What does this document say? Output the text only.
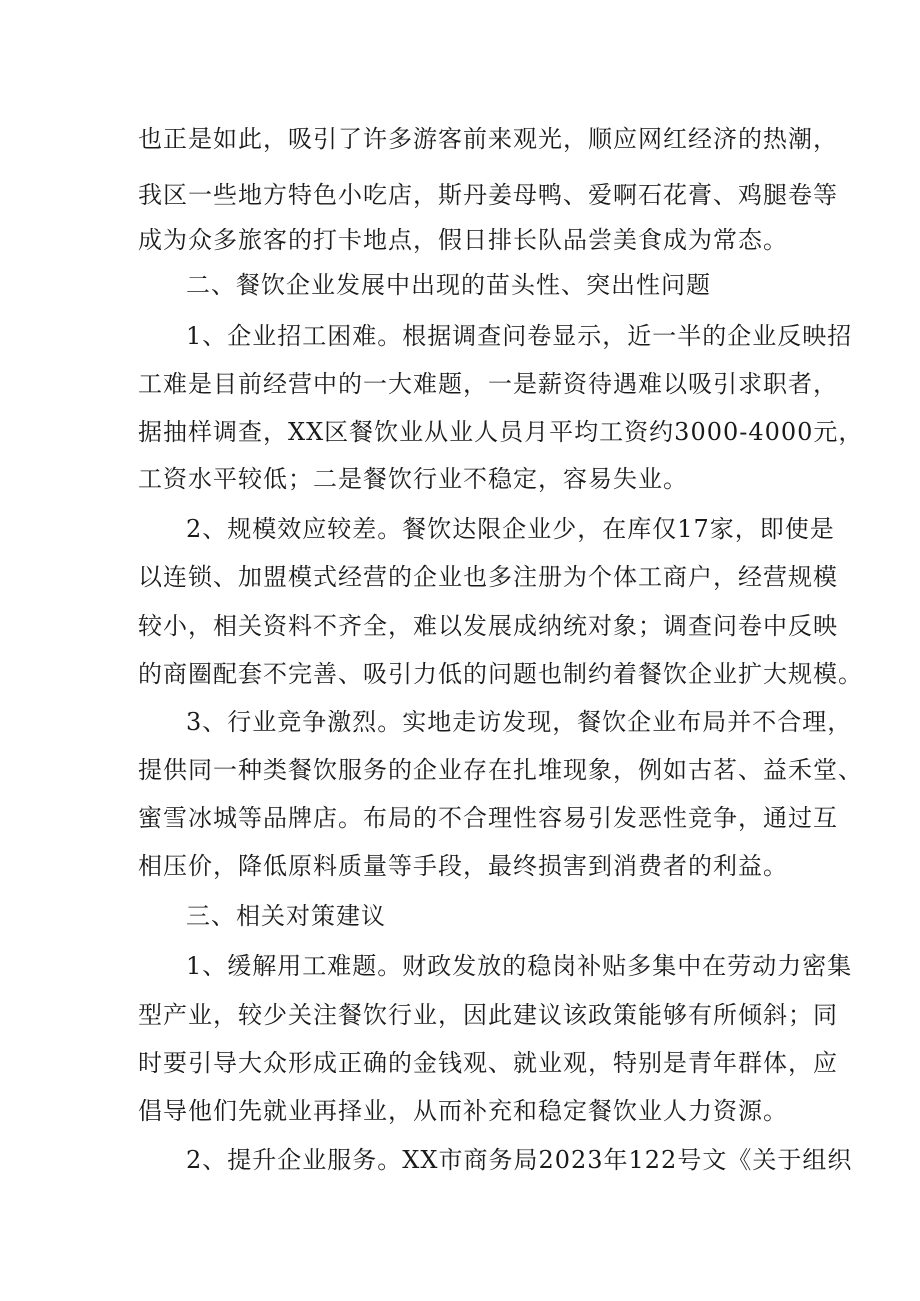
也正是如此，吸引了许多游客前来观光，顺应网红经济的热潮，
我区一些地方特色小吃店，斯丹姜母鸭、爱啊石花膏、鸡腿卷等
成为众多旅客的打卡地点，假日排长队品尝美食成为常态。
二、餐饮企业发展中出现的苗头性、突出性问题
1、企业招工困难。根据调查问卷显示，近一半的企业反映招
工难是目前经营中的一大难题，一是薪资待遇难以吸引求职者，
据抽样调查，XX区餐饮业从业人员月平均工资约3000-4000元，
工资水平较低；二是餐饮行业不稳定，容易失业。
2、规模效应较差。餐饮达限企业少，在库仅17家，即使是
以连锁、加盟模式经营的企业也多注册为个体工商户，经营规模
较小，相关资料不齐全，难以发展成纳统对象；调查问卷中反映
的商圈配套不完善、吸引力低的问题也制约着餐饮企业扩大规模。
3、行业竞争激烈。实地走访发现，餐饮企业布局并不合理，
提供同一种类餐饮服务的企业存在扎堆现象，例如古茗、益禾堂、
蜜雪冰城等品牌店。布局的不合理性容易引发恶性竞争，通过互
相压价，降低原料质量等手段，最终损害到消费者的利益。
三、相关对策建议
1、缓解用工难题。财政发放的稳岗补贴多集中在劳动力密集
型产业，较少关注餐饮行业，因此建议该政策能够有所倾斜；同
时要引导大众形成正确的金钱观、就业观，特别是青年群体，应
倡导他们先就业再择业，从而补充和稳定餐饮业人力资源。
2、提升企业服务。XX市商务局2023年122号文《关于组织
